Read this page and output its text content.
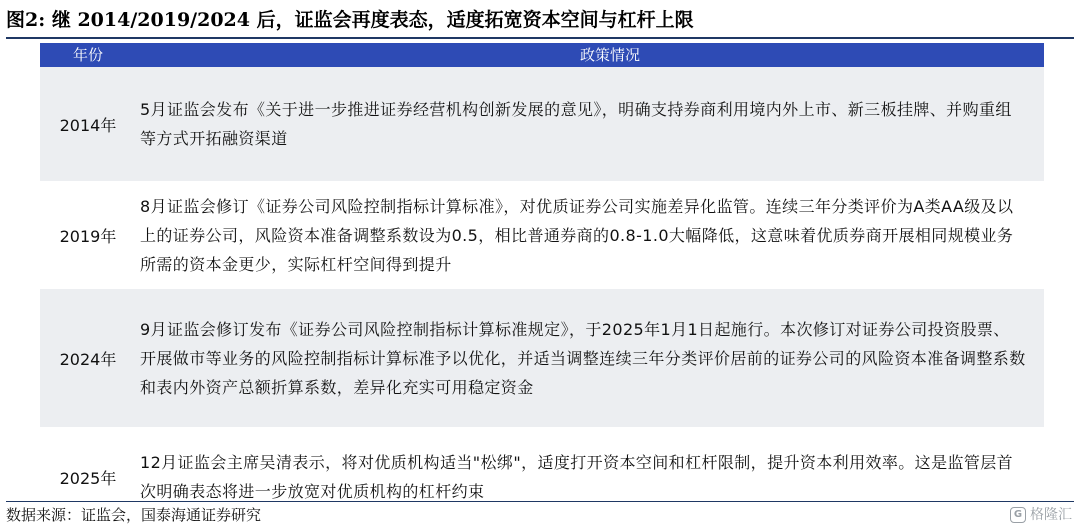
图2: 继 2014/2019/2024 后，证监会再度表态，适度拓宽资本空间与杠杆上限
年份	政策情况
2014年
5月证监会发布《关于进一步推进证券经营机构创新发展的意见》，明确支持券商利用境内外上市、新三板挂牌、并购重组等方式开拓融资渠道
2019年
8月证监会修订《证券公司风险控制指标计算标准》，对优质证券公司实施差异化监管。连续三年分类评价为A类AA级及以上的证券公司，风险资本准备调整系数设为0.5，相比普通券商的0.8-1.0大幅降低，这意味着优质券商开展相同规模业务所需的资本金更少，实际杠杆空间得到提升
2024年
9月证监会修订发布《证券公司风险控制指标计算标准规定》，于2025年1月1日起施行。本次修订对证券公司投资股票、开展做市等业务的风险控制指标计算标准予以优化，并适当调整连续三年分类评价居前的证券公司的风险资本准备调整系数和表内外资产总额折算系数，差异化充实可用稳定资金
2025年
12月证监会主席吴清表示，将对优质机构适当"松绑"，适度打开资本空间和杠杆限制，提升资本利用效率。这是监管层首次明确表态将进一步放宽对优质机构的杠杆约束
数据来源：证监会，国泰海通证券研究	G 格隆汇
